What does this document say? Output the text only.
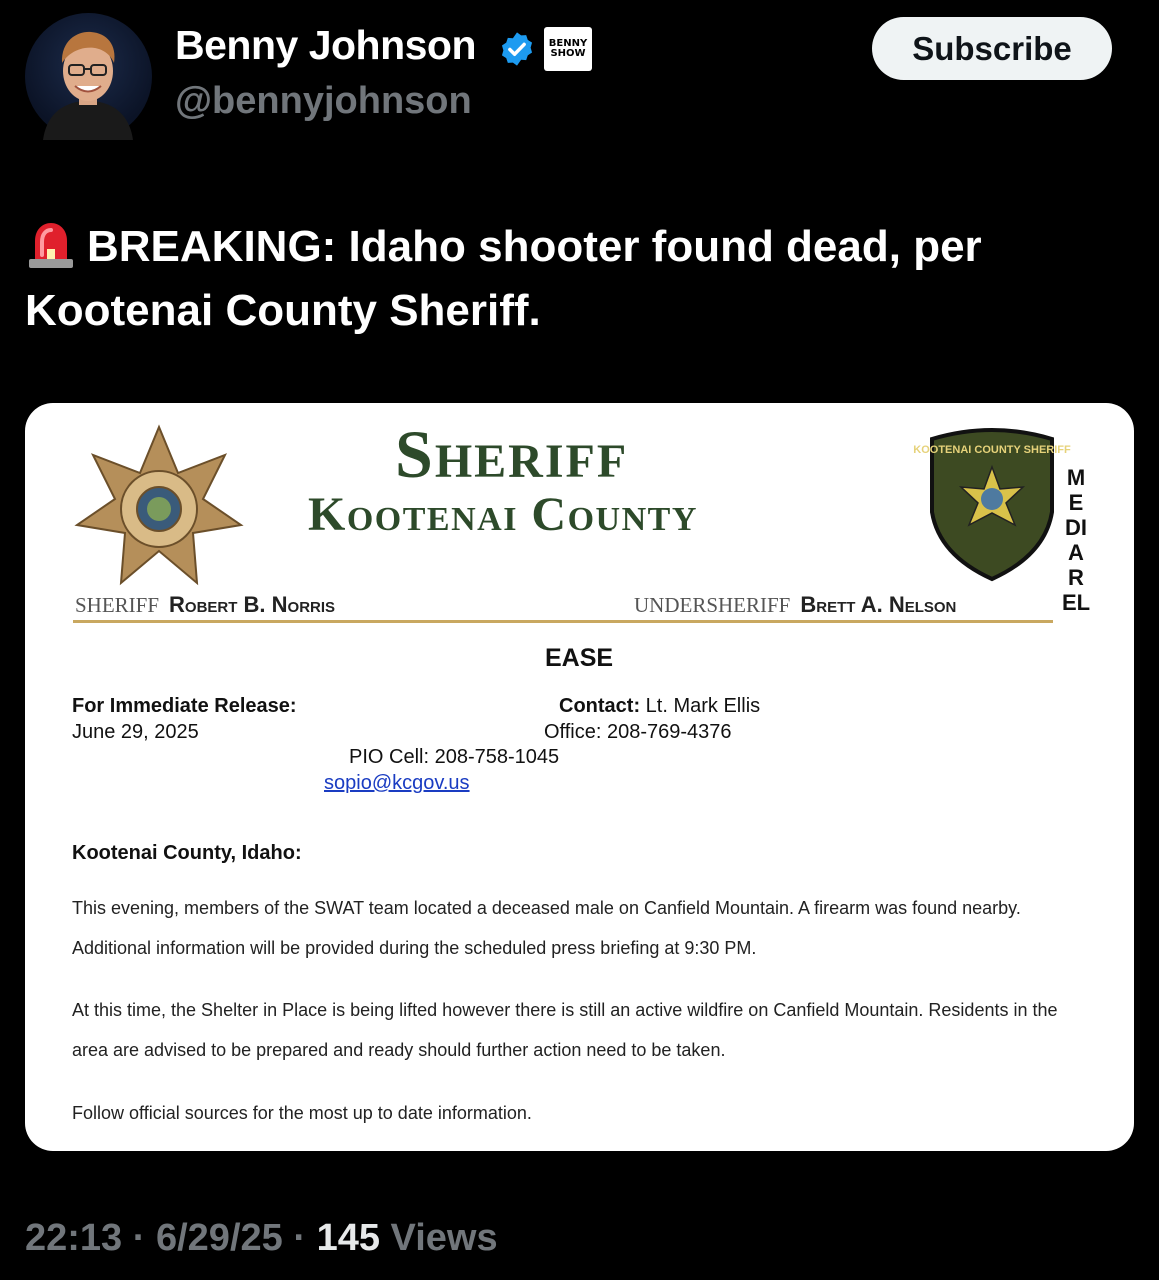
Benny Johnson	BENNY
SHOW
@bennyjohnson
Subscribe
BREAKING: Idaho shooter found dead, per Kootenai County Sheriff.
Sheriff
Kootenai County
KOOTENAI COUNTY SHERIFF
M
E
DI
A
R
EL
SHERIFF Robert B. Norris	UNDERSHERIFF Brett A. Nelson
EASE
For Immediate Release:
June 29, 2025
Contact: Lt. Mark Ellis
Office: 208-769-4376
PIO Cell: 208-758-1045
sopio@kcgov.us
Kootenai County, Idaho:
This evening, members of the SWAT team located a deceased male on Canfield Mountain. A firearm was found nearby. Additional information will be provided during the scheduled press briefing at 9:30 PM.
At this time, the Shelter in Place is being lifted however there is still an active wildfire on Canfield Mountain. Residents in the area are advised to be prepared and ready should further action need to be taken.
Follow official sources for the most up to date information.
22:13 · 6/29/25 · 145 Views
